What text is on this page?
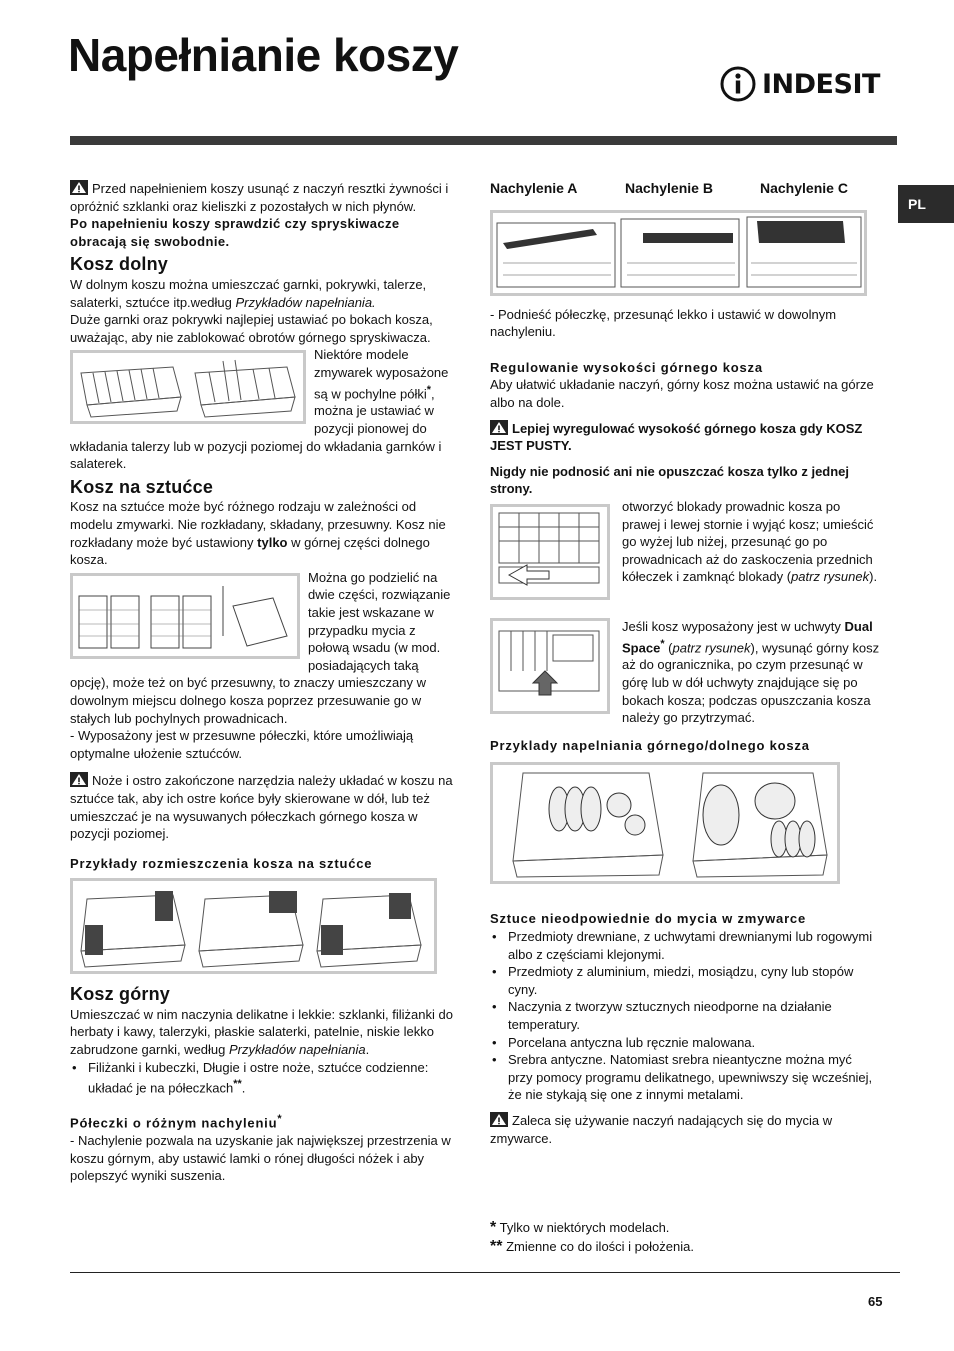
Napełnianie koszy
INDESIT
PL

Przed napełnieniem koszy usunąć z naczyń resztki żywności i opróżnić szklanki oraz kieliszki z pozostałych w nich płynów.

Po napełnieniu koszy sprawdzić czy spryskiwacze obracają się swobodnie.

Kosz dolny

W dolnym koszu można umieszczać garnki, pokrywki, talerze, salaterki, sztućce itp.według Przykładów napełniania.

Duże garnki oraz pokrywki najlepiej ustawiać po bokach kosza, uważając, aby nie zablokować obrotów górnego spryskiwacza.

Niektóre modele zmywarek wyposażone są w pochylne półki*, można je ustawiać w pozycji pionowej do wkładania talerzy lub w pozycji poziomej do wkładania garnków i salaterek.

Kosz na sztućce

Kosz na sztućce może być różnego rodzaju w zależności od modelu zmywarki. Nie rozkładany, składany, przesuwny. Kosz nie rozkładany może być ustawiony tylko w górnej części dolnego kosza.

Można go podzielić na dwie części, rozwiązanie takie jest wskazane w przypadku mycia z połową wsadu (w mod. posiadających taką opcję), może też on być przesuwny, to znaczy umieszczany w dowolnym miejscu dolnego kosza poprzez przesuwanie go w stałych lub pochylnych prowadnicach.

- Wyposażony jest w przesuwne półeczki, które umożliwiają optymalne ułożenie sztućców.

Noże i ostro zakończone narzędzia należy układać w koszu na sztućce tak, aby ich ostre końce były skierowane w dół, lub też umieszczać je na wysuwanych półeczkach górnego kosza w pozycji poziomej.

Przykłady rozmieszczenia kosza na sztućce
Kosz górny

Umieszczać w nim naczynia delikatne i lekkie: szklanki, filiżanki do herbaty i kawy, talerzyki, płaskie salaterki, patelnie, niskie lekko zabrudzone garnki, według Przykładów napełniania.

• Filiżanki i kubeczki, Długie i ostre noże, sztućce codzienne: układać je na półeczkach**.
Półeczki o różnym nachyleniu*

- Nachylenie pozwala na uzyskanie jak największej przestrzenia w koszu górnym, aby ustawić lamki o rónej długości nóżek i aby polepszyć wyniki suszenia.

Nachylenie A	Nachylenie B	Nachylenie C

- Podnieść półeczkę, przesunąć lekko i ustawić w dowolnym nachyleniu.

Regulowanie wysokości górnego kosza

Aby ułatwić układanie naczyń, górny kosz można ustawić na górze albo na dole.

Lepiej wyregulować wysokość górnego kosza gdy KOSZ JEST PUSTY.

Nigdy nie podnosić ani nie opuszczać kosza tylko z jednej strony.

otworzyć blokady prowadnic kosza po prawej i lewej stornie i wyjąć kosz; umieścić go wyżej lub niżej, przesunąć go po prowadnicach aż do zaskoczenia przednich kółeczek i zamknąć blokady (patrz rysunek).

Jeśli kosz wyposażony jest w uchwyty Dual Space* (patrz rysunek), wysunąć górny kosz aż do ogranicznika, po czym przesunąć w górę lub w dół uchwyty znajdujące się po bokach kosza; podczas opuszczania kosza należy go przytrzymać.

Przyklady napelniania górnego/dolnego kosza
Sztuce nieodpowiednie do mycia w zmywarce
• Przedmioty drewniane, z uchwytami drewnianymi lub rogowymi albo z częściami klejonymi.
• Przedmioty z aluminium, miedzi, mosiądzu, cyny lub stopów cyny.
• Naczynia z tworzyw sztucznych nieodporne na działanie temperatury.
• Porcelana antyczna lub ręcznie malowana.
• Srebra antyczne. Natomiast srebra nieantyczne można myć przy pomocy programu delikatnego, upewniwszy się wcześniej, że nie stykają się one z innymi metalami.

Zaleca się używanie naczyń nadających się do mycia w zmywarce.

* Tylko w niektórych modelach.

** Zmienne co do ilości i położenia.

65
